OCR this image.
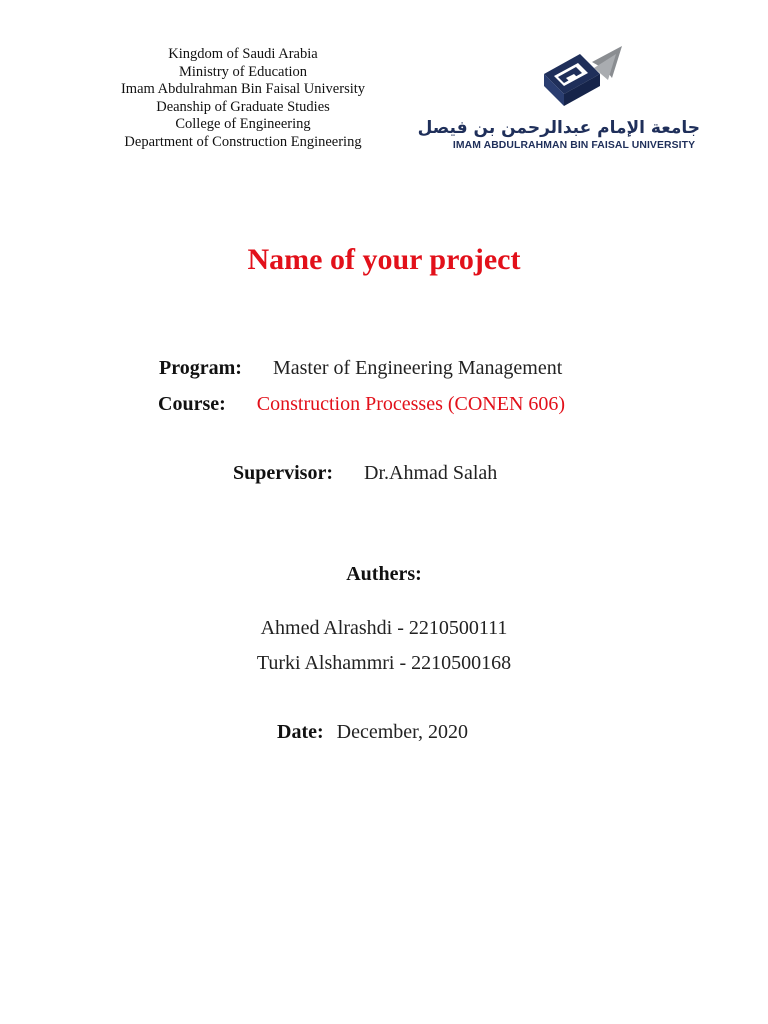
Kingdom of Saudi Arabia
Ministry of Education
Imam Abdulrahman Bin Faisal University
Deanship of Graduate Studies
College of Engineering
Department of Construction Engineering
جامعة الإمام عبدالرحمن بن فيصل
IMAM ABDULRAHMAN BIN FAISAL UNIVERSITY
Name of your project
Program: Master of Engineering Management
Course: Construction Processes (CONEN 606)
Supervisor: Dr.Ahmad Salah
Authers:
Ahmed Alrashdi - 2210500111
Turki Alshammri - 2210500168
Date: December, 2020
